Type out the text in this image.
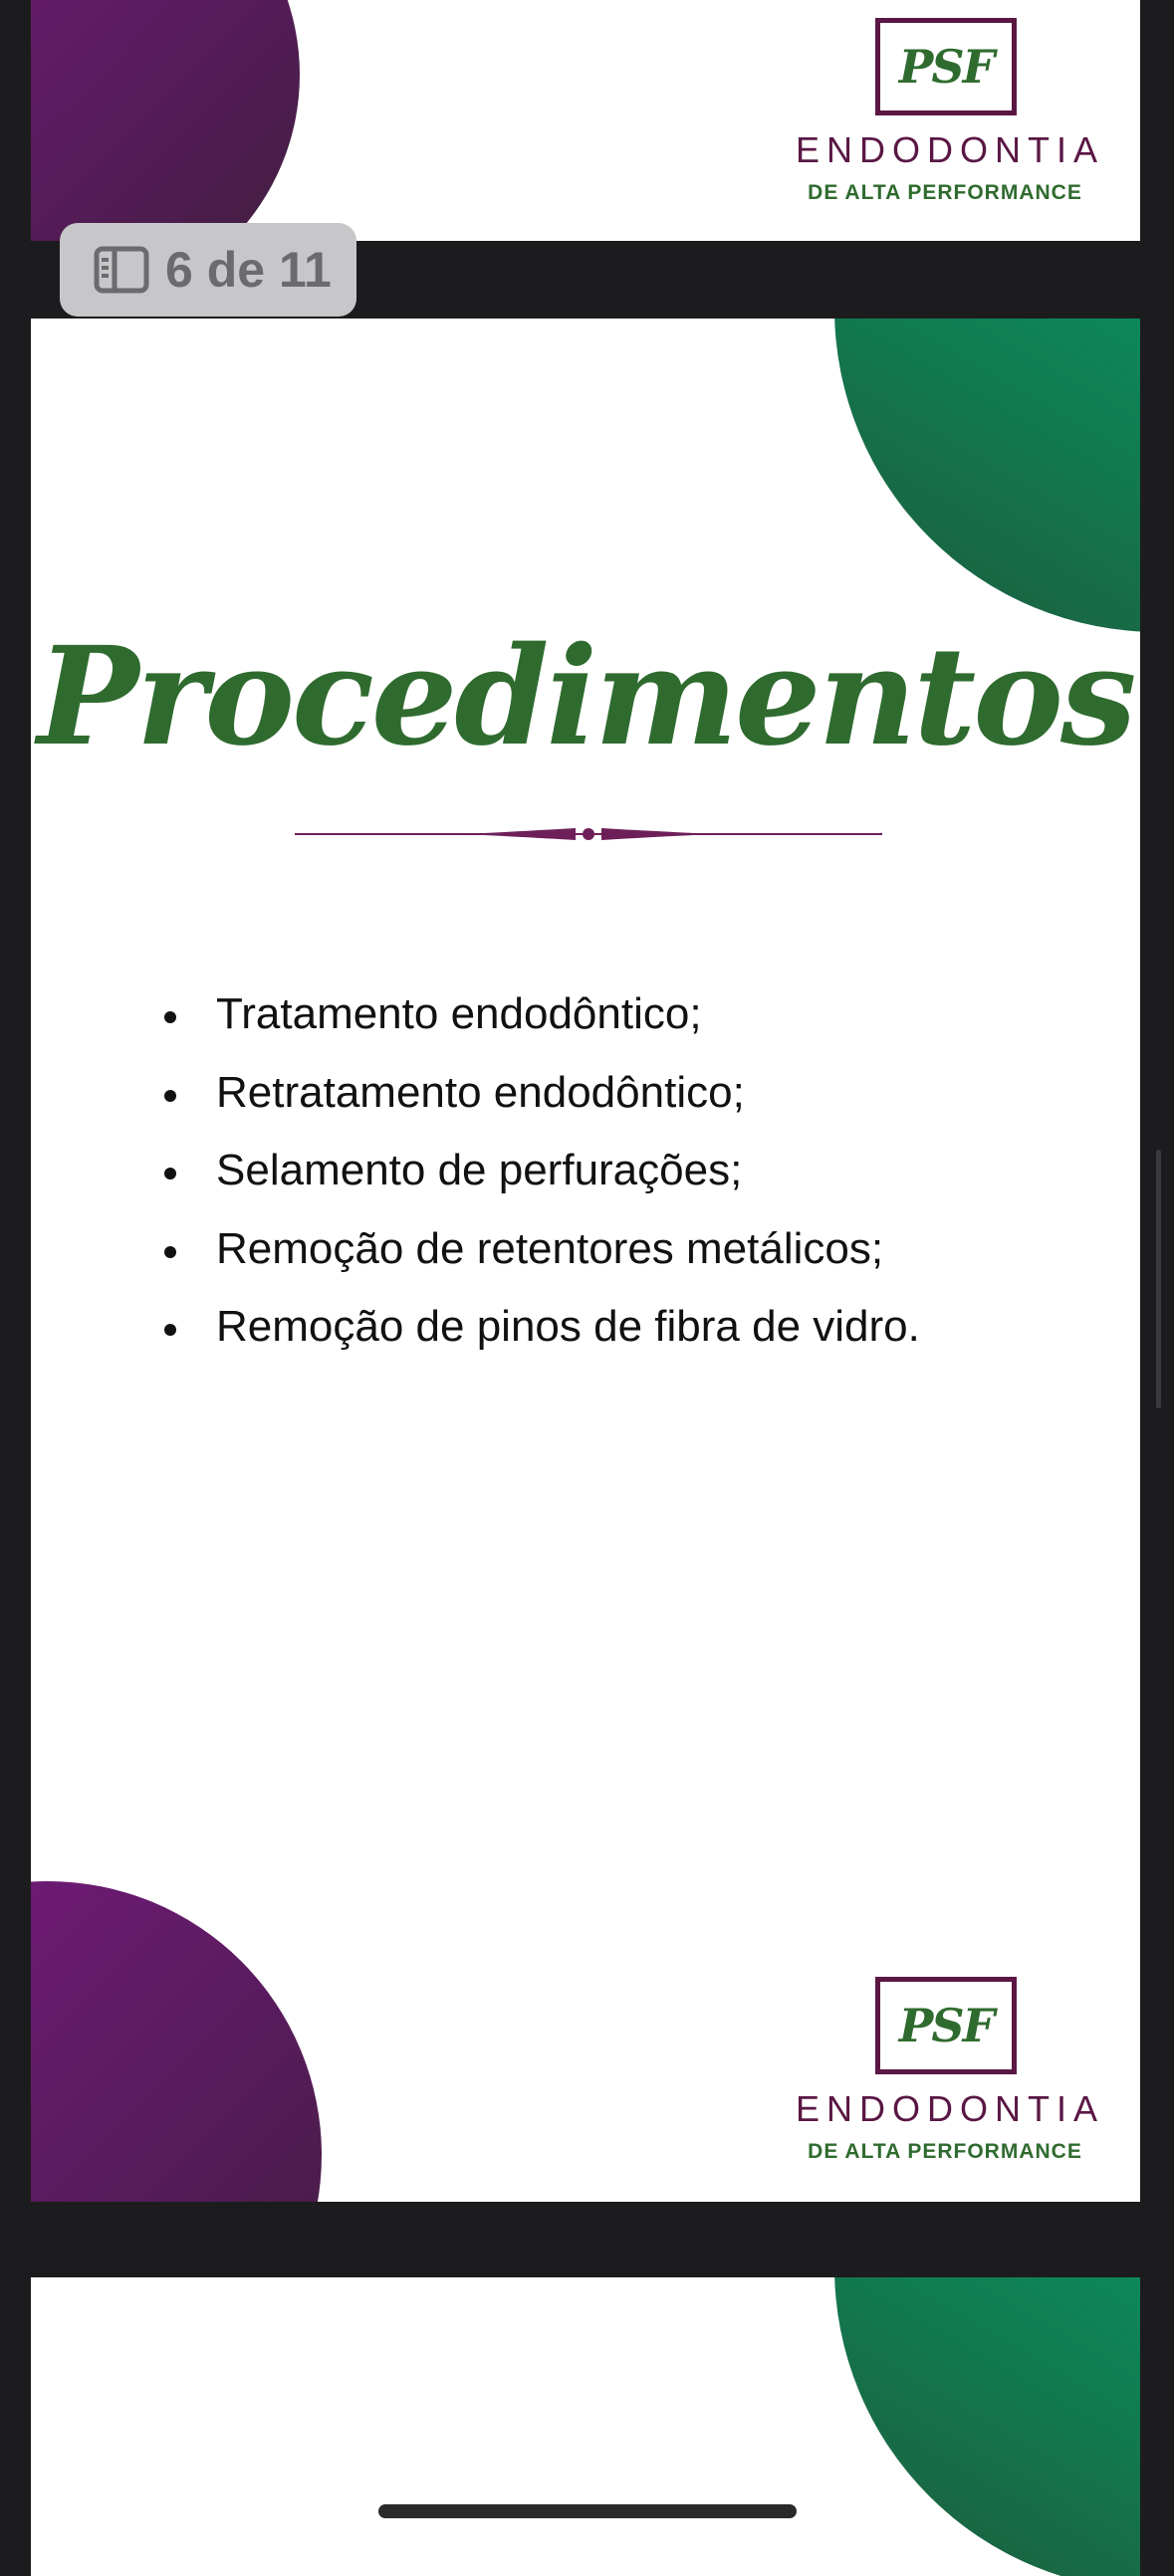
PSF
ENDODONTIA
DE ALTA PERFORMANCE
6 de 11
Procedimentos
Tratamento endodôntico;
Retratamento endodôntico;
Selamento de perfurações;
Remoção de retentores metálicos;
Remoção de pinos de fibra de vidro.
PSF
ENDODONTIA
DE ALTA PERFORMANCE
